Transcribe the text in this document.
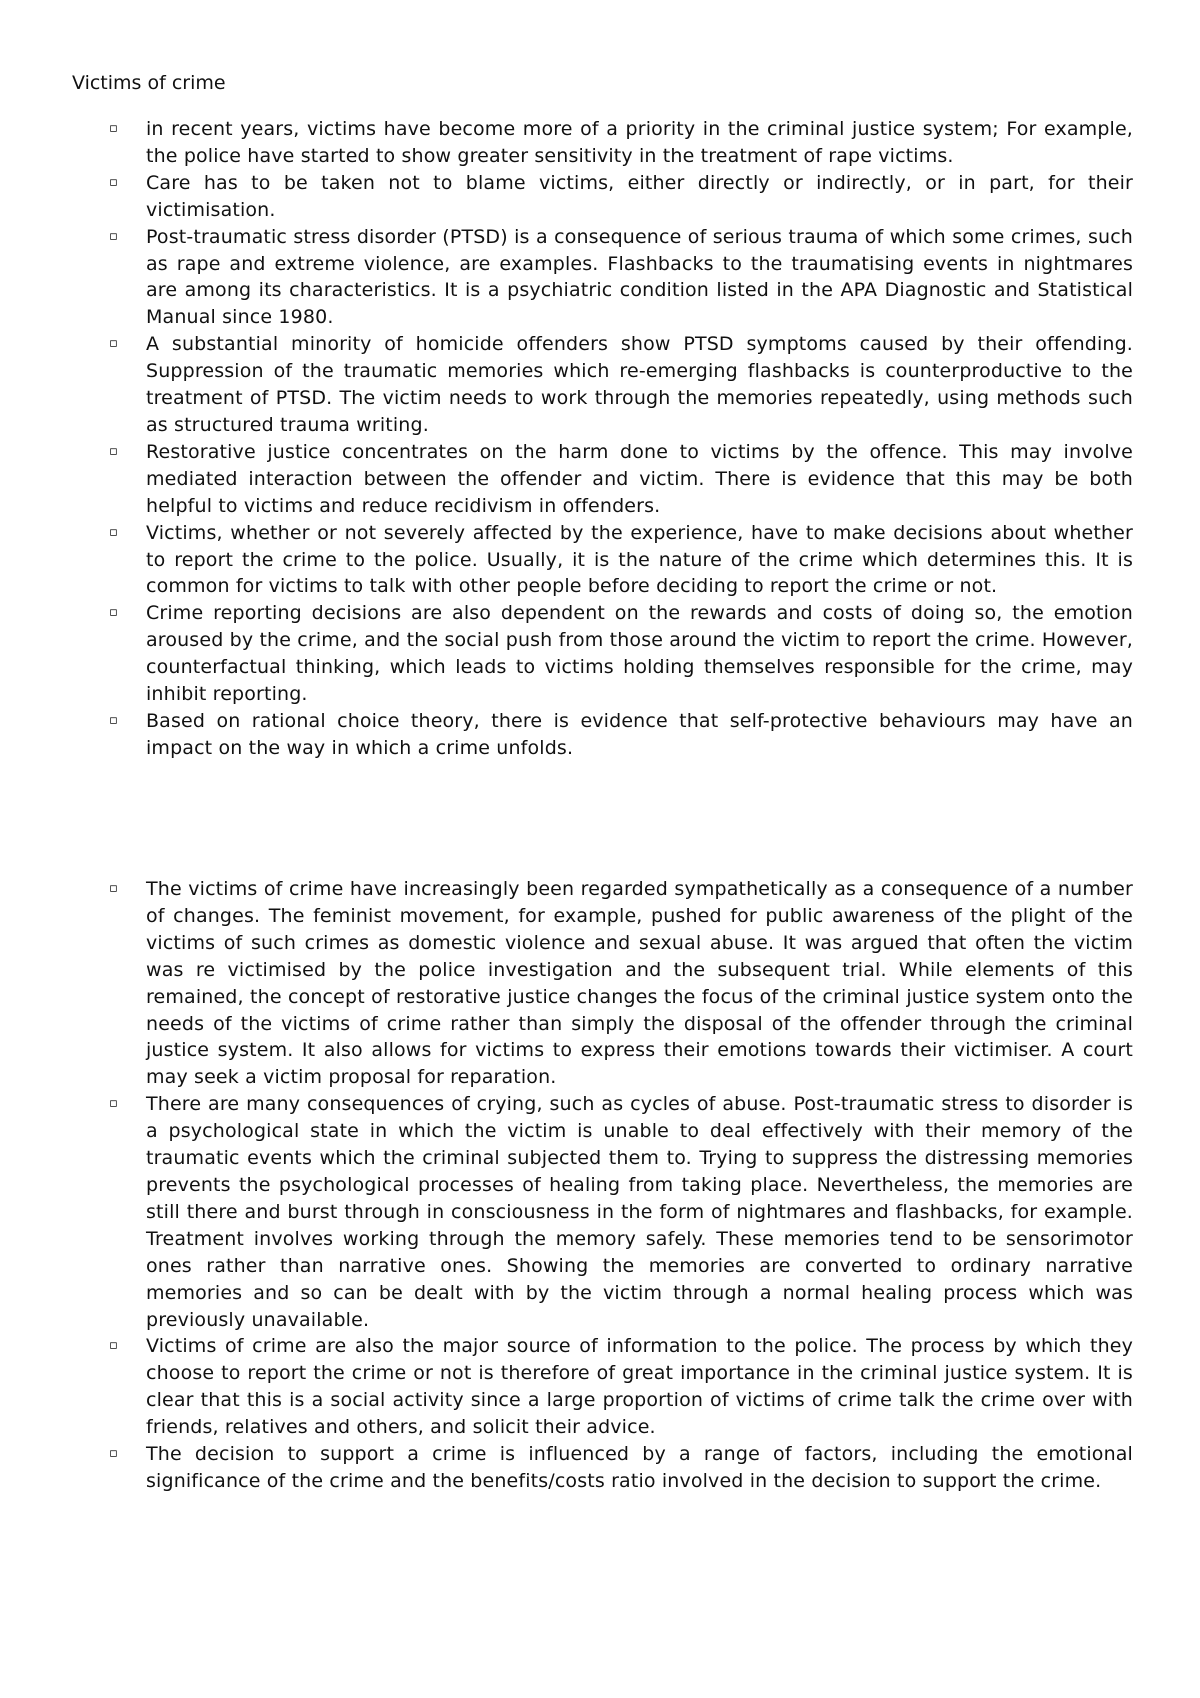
Victims of crime
▫ in recent years, victims have become more of a priority in the criminal justice system; For example, the police have started to show greater sensitivity in the treatment of rape victims.
▫ Care has to be taken not to blame victims, either directly or indirectly, or in part, for their victimisation.
▫ Post-traumatic stress disorder (PTSD) is a consequence of serious trauma of which some crimes, such as rape and extreme violence, are examples. Flashbacks to the traumatising events in nightmares are among its characteristics. It is a psychiatric condition listed in the APA Diagnostic and Statistical Manual since 1980.
▫ A substantial minority of homicide offenders show PTSD symptoms caused by their offending. Suppression of the traumatic memories which re-emerging flashbacks is counterproductive to the treatment of PTSD. The victim needs to work through the memories repeatedly, using methods such as structured trauma writing.
▫ Restorative justice concentrates on the harm done to victims by the offence. This may involve mediated interaction between the offender and victim. There is evidence that this may be both helpful to victims and reduce recidivism in offenders.
▫ Victims, whether or not severely affected by the experience, have to make decisions about whether to report the crime to the police. Usually, it is the nature of the crime which determines this. It is common for victims to talk with other people before deciding to report the crime or not.
▫ Crime reporting decisions are also dependent on the rewards and costs of doing so, the emotion aroused by the crime, and the social push from those around the victim to report the crime. However, counterfactual thinking, which leads to victims holding themselves responsible for the crime, may inhibit reporting.
▫ Based on rational choice theory, there is evidence that self-protective behaviours may have an impact on the way in which a crime unfolds.
▫ The victims of crime have increasingly been regarded sympathetically as a consequence of a number of changes. The feminist movement, for example, pushed for public awareness of the plight of the victims of such crimes as domestic violence and sexual abuse. It was argued that often the victim was re victimised by the police investigation and the subsequent trial. While elements of this remained, the concept of restorative justice changes the focus of the criminal justice system onto the needs of the victims of crime rather than simply the disposal of the offender through the criminal justice system. It also allows for victims to express their emotions towards their victimiser. A court may seek a victim proposal for reparation.
▫ There are many consequences of crying, such as cycles of abuse. Post-traumatic stress to disorder is a psychological state in which the victim is unable to deal effectively with their memory of the traumatic events which the criminal subjected them to. Trying to suppress the distressing memories prevents the psychological processes of healing from taking place. Nevertheless, the memories are still there and burst through in consciousness in the form of nightmares and flashbacks, for example. Treatment involves working through the memory safely. These memories tend to be sensorimotor ones rather than narrative ones. Showing the memories are converted to ordinary narrative memories and so can be dealt with by the victim through a normal healing process which was previously unavailable.
▫ Victims of crime are also the major source of information to the police. The process by which they choose to report the crime or not is therefore of great importance in the criminal justice system. It is clear that this is a social activity since a large proportion of victims of crime talk the crime over with friends, relatives and others, and solicit their advice.
▫ The decision to support a crime is influenced by a range of factors, including the emotional significance of the crime and the benefits/costs ratio involved in the decision to support the crime.
